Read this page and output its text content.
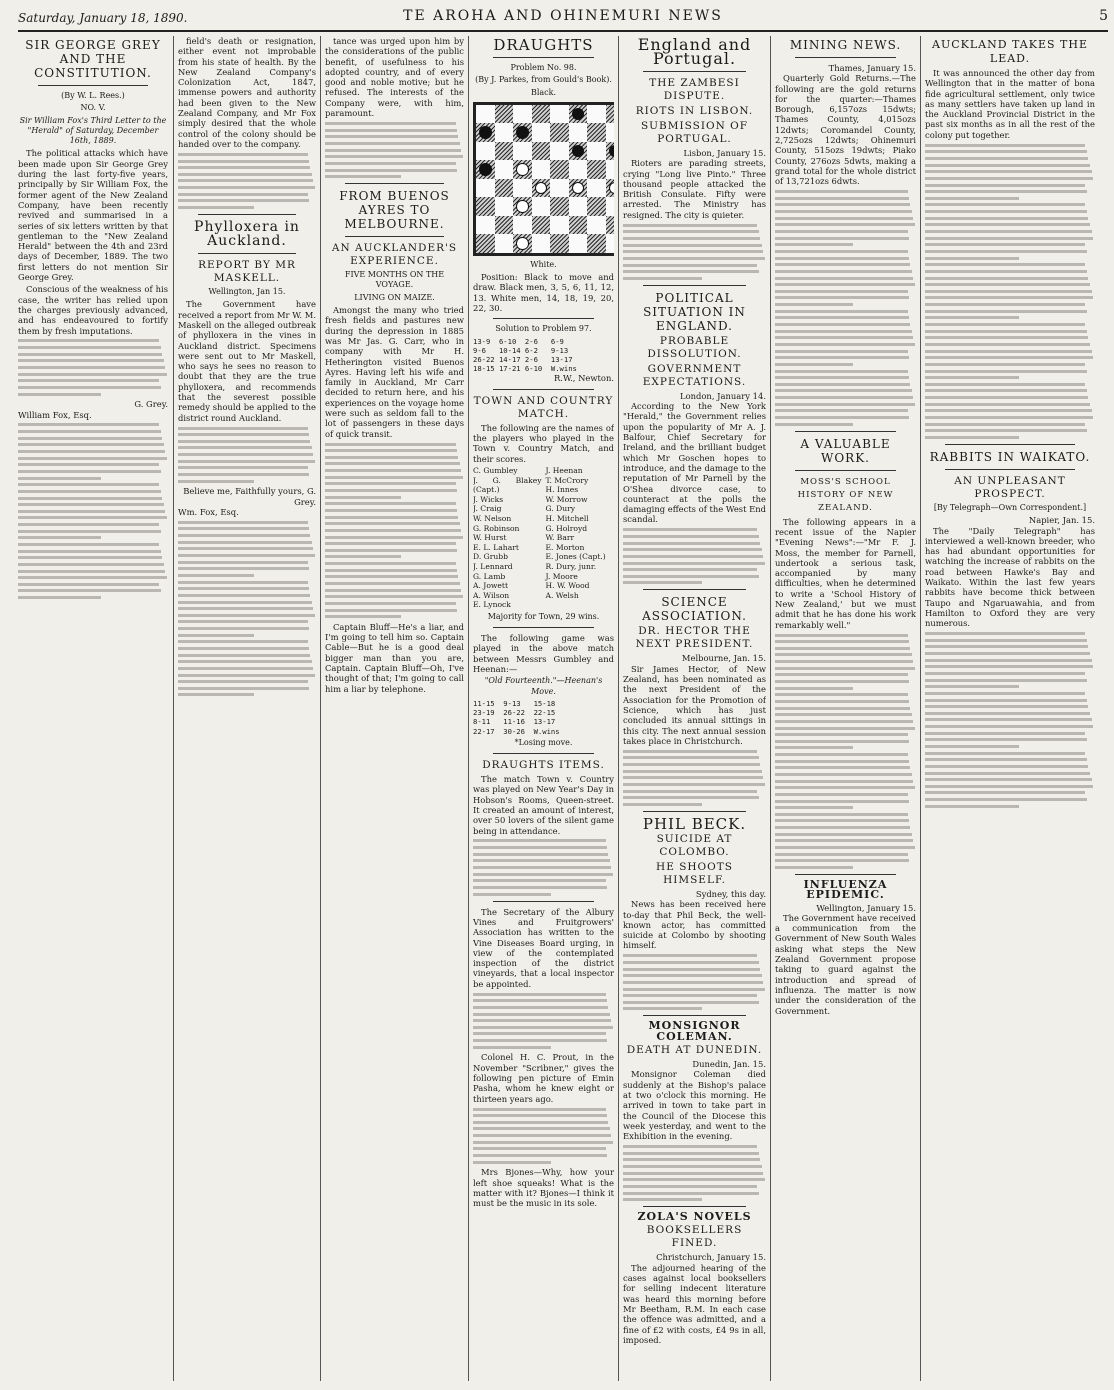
Saturday, January 18, 1890.	TE AROHA AND OHINEMURI NEWS	5
SIR GEORGE GREY AND THE CONSTITUTION.
(By W. L. Rees.)
NO. V.
Sir William Fox's Third Letter to the "Herald" of Saturday, December 16th, 1889.

The political attacks which have been made upon Sir George Grey during the last forty-five years, principally by Sir William Fox, the former agent of the New Zealand Company, have been recently revived and summarised in a series of six letters written by that gentleman to the "New Zealand Herald" between the 4th and 23rd days of December, 1889. The two first letters do not mention Sir George Grey.

Conscious of the weakness of his case, the writer has relied upon the charges previously advanced, and has endeavoured to fortify them by fresh imputations.

G. Grey.
William Fox, Esq.

field's death or resignation, either event not improbable from his state of health. By the New Zealand Company's Colonization Act, 1847, immense powers and authority had been given to the New Zealand Company, and Mr Fox simply desired that the whole control of the colony should be handed over to the company.

Phylloxera in Auckland.
REPORT BY MR MASKELL.
Wellington, Jan 15.

The Government have received a report from Mr W. M. Maskell on the alleged outbreak of phylloxera in the vines in Auckland district. Specimens were sent out to Mr Maskell, who says he sees no reason to doubt that they are the true phylloxera, and recommends that the severest possible remedy should be applied to the district round Auckland.

Believe me, Faithfully yours, G. Grey.
Wm. Fox, Esq.

tance was urged upon him by the considerations of the public benefit, of usefulness to his adopted country, and of every good and noble motive; but he refused. The interests of the Company were, with him, paramount.

FROM BUENOS AYRES TO MELBOURNE.
AN AUCKLANDER'S EXPERIENCE.
FIVE MONTHS ON THE VOYAGE.
LIVING ON MAIZE.

Amongst the many who tried fresh fields and pastures new during the depression in 1885 was Mr Jas. G. Carr, who in company with Mr H. Hetherington visited Buenos Ayres. Having left his wife and family in Auckland, Mr Carr decided to return here, and his experiences on the voyage home were such as seldom fall to the lot of passengers in these days of quick transit.

Captain Bluff—He's a liar, and I'm going to tell him so. Captain Cable—But he is a good deal bigger man than you are, Captain. Captain Bluff—Oh, I've thought of that; I'm going to call him a liar by telephone.

DRAUGHTS
Problem No. 98.
(By J. Parkes, from Gould's Book).
Black.
White.

Position: Black to move and draw. Black men, 3, 5, 6, 11, 12, 13. White men, 14, 18, 19, 20, 22, 30.

Solution to Problem 97.
13-9  6-10  2-6   6-9
9-6   10-14 6-2   9-13
26-22 14-17 2-6   13-17
18-15 17-21 6-10  W.wins
R.W., Newton.
TOWN AND COUNTRY MATCH.

The following are the names of the players who played in the Town v. Country Match, and their scores.

C. Gumbley
J. G. Blakey (Capt.)
J. Wicks
J. Craig
W. Nelson
G. Robinson
W. Hurst
E. L. Lahart
D. Grubb
J. Lennard
G. Lamb
A. Jowett
A. Wilson
E. Lynock
J. Heenan
T. McCrory
H. Innes
W. Morrow
G. Dury
H. Mitchell
G. Holroyd
W. Barr
E. Morton
E. Jones (Capt.)
R. Dury, junr.
J. Moore
H. W. Wood
A. Welsh
Majority for Town, 29 wins.

The following game was played in the above match between Messrs Gumbley and Heenan:—

"Old Fourteenth."—Heenan's Move.
11-15  9-13   15-18
23-19  26-22  22-15
8-11   11-16  13-17
22-17  30-26  W.wins
*Losing move.
DRAUGHTS ITEMS.

The match Town v. Country was played on New Year's Day in Hobson's Rooms, Queen-street. It created an amount of interest, over 50 lovers of the silent game being in attendance.

The Secretary of the Albury Vines and Fruitgrowers' Association has written to the Vine Diseases Board urging, in view of the contemplated inspection of the district vineyards, that a local inspector be appointed.

Colonel H. C. Prout, in the November "Scribner," gives the following pen picture of Emin Pasha, whom he knew eight or thirteen years ago.

Mrs Bjones—Why, how your left shoe squeaks! What is the matter with it? Bjones—I think it must be the music in its sole.

England and Portugal.
THE ZAMBESI DISPUTE.
RIOTS IN LISBON.
SUBMISSION OF PORTUGAL.
Lisbon, January 15.

Rioters are parading streets, crying "Long live Pinto." Three thousand people attacked the British Consulate. Fifty were arrested. The Ministry has resigned. The city is quieter.

POLITICAL SITUATION IN ENGLAND.
PROBABLE DISSOLUTION.
GOVERNMENT EXPECTATIONS.
London, January 14.

According to the New York "Herald," the Government relies upon the popularity of Mr A. J. Balfour, Chief Secretary for Ireland, and the brilliant budget which Mr Goschen hopes to introduce, and the damage to the reputation of Mr Parnell by the O'Shea divorce case, to counteract at the polls the damaging effects of the West End scandal.

SCIENCE ASSOCIATION.
DR. HECTOR THE NEXT PRESIDENT.
Melbourne, Jan. 15.

Sir James Hector, of New Zealand, has been nominated as the next President of the Association for the Promotion of Science, which has just concluded its annual sittings in this city. The next annual session takes place in Christchurch.

PHIL BECK.
SUICIDE AT COLOMBO.
HE SHOOTS HIMSELF.
Sydney, this day.

News has been received here to-day that Phil Beck, the well-known actor, has committed suicide at Colombo by shooting himself.

MONSIGNOR COLEMAN.
DEATH AT DUNEDIN.
Dunedin, Jan. 15.

Monsignor Coleman died suddenly at the Bishop's palace at two o'clock this morning. He arrived in town to take part in the Council of the Diocese this week yesterday, and went to the Exhibition in the evening.

ZOLA'S NOVELS
BOOKSELLERS FINED.
Christchurch, January 15.

The adjourned hearing of the cases against local booksellers for selling indecent literature was heard this morning before Mr Beetham, R.M. In each case the offence was admitted, and a fine of £2 with costs, £4 9s in all, imposed.

MINING NEWS.
Thames, January 15.

Quarterly Gold Returns.—The following are the gold returns for the quarter:—Thames Borough, 6,157ozs 15dwts; Thames County, 4,015ozs 12dwts; Coromandel County, 2,725ozs 12dwts; Ohinemuri County, 515ozs 19dwts; Piako County, 276ozs 5dwts, making a grand total for the whole district of 13,721ozs 6dwts.

A VALUABLE WORK.
MOSS'S SCHOOL HISTORY OF NEW ZEALAND.

The following appears in a recent issue of the Napier "Evening News":—"Mr F. J. Moss, the member for Parnell, undertook a serious task, accompanied by many difficulties, when he determined to write a 'School History of New Zealand,' but we must admit that he has done his work remarkably well."

INFLUENZA EPIDEMIC.
Wellington, January 15.

The Government have received a communication from the Government of New South Wales asking what steps the New Zealand Government propose taking to guard against the introduction and spread of influenza. The matter is now under the consideration of the Government.

AUCKLAND TAKES THE LEAD.

It was announced the other day from Wellington that in the matter of bona fide agricultural settlement, only twice as many settlers have taken up land in the Auckland Provincial District in the past six months as in all the rest of the colony put together.

RABBITS IN WAIKATO.
AN UNPLEASANT PROSPECT.
[By Telegraph—Own Correspondent.]
Napier, Jan. 15.

The "Daily Telegraph" has interviewed a well-known breeder, who has had abundant opportunities for watching the increase of rabbits on the road between Hawke's Bay and Waikato. Within the last few years rabbits have become thick between Taupo and Ngaruawahia, and from Hamilton to Oxford they are very numerous.
